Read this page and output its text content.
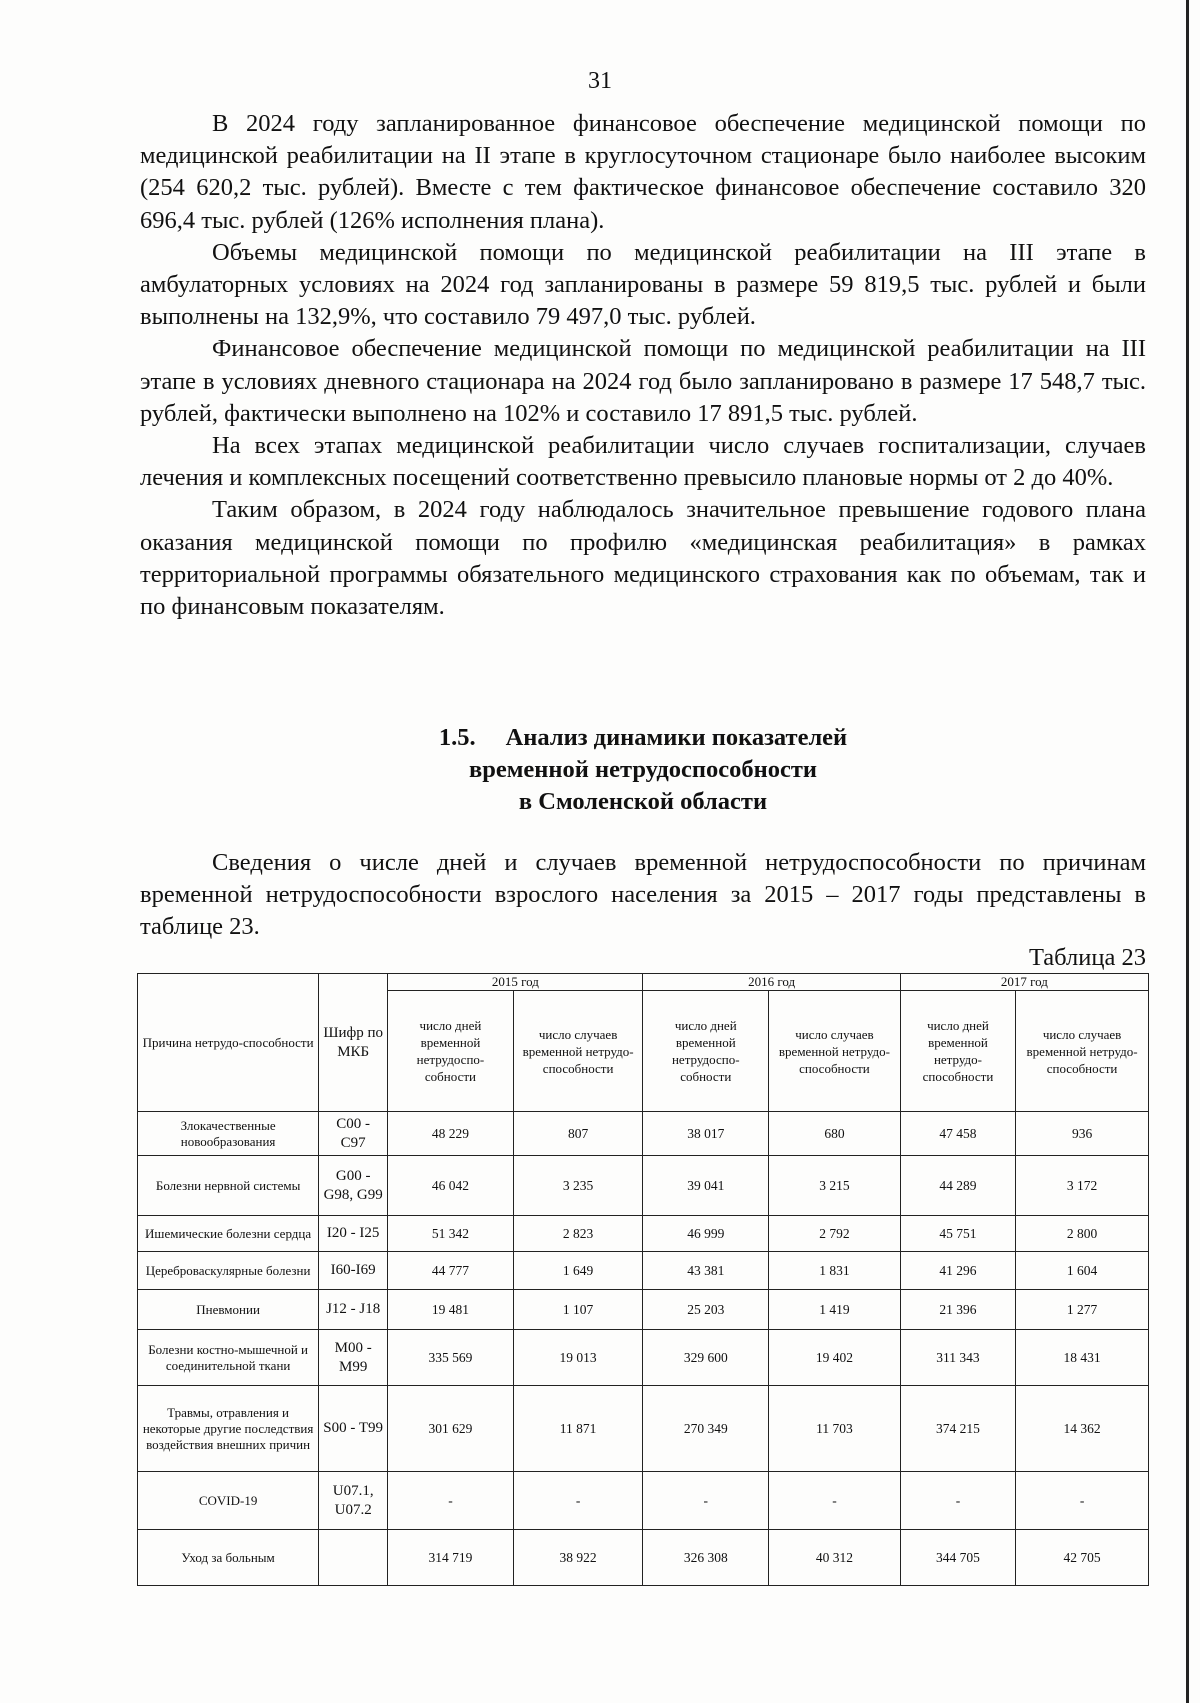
31

В 2024 году запланированное финансовое обеспечение медицинской помощи по медицинской реабилитации на II этапе в круглосуточном стационаре было наиболее высоким (254 620,2 тыс. рублей). Вместе с тем фактическое финансовое обеспечение составило 320 696,4 тыс. рублей (126% исполнения плана).

Объемы медицинской помощи по медицинской реабилитации на III этапе в амбулаторных условиях на 2024 год запланированы в размере 59 819,5 тыс. рублей и были выполнены на 132,9%, что составило 79 497,0 тыс. рублей.

Финансовое обеспечение медицинской помощи по медицинской реабилитации на III этапе в условиях дневного стационара на 2024 год было запланировано в размере 17 548,7 тыс. рублей, фактически выполнено на 102% и составило 17 891,5 тыс. рублей.

На всех этапах медицинской реабилитации число случаев госпитализации, случаев лечения и комплексных посещений соответственно превысило плановые нормы от 2 до 40%.

Таким образом, в 2024 году наблюдалось значительное превышение годового плана оказания медицинской помощи по профилю «медицинская реабилитация» в рамках территориальной программы обязательного медицинского страхования как по объемам, так и по финансовым показателям.

1.5. Анализ динамики показателей
временной нетрудоспособности
в Смоленской области

Сведения о числе дней и случаев временной нетрудоспособности по причинам временной нетрудоспособности взрослого населения за 2015 – 2017 годы представлены в таблице 23.

Таблица 23
Причина нетрудо-способности	Шифр по МКБ	2015 год		2016 год		2017 год	
		число дней временной нетрудоспо-собности	число случаев временной нетрудо-способности	число дней временной нетрудоспо-собности	число случаев временной нетрудо-способности	число дней временной нетрудо-способности	число случаев временной нетрудо-способности
Злокачественные новообразования	С00 - С97	48 229	807	38 017	680	47 458	936
Болезни нервной системы	G00 - G98, G99	46 042	3 235	39 041	3 215	44 289	3 172
Ишемические болезни сердца	I20 - I25	51 342	2 823	46 999	2 792	45 751	2 800
Цереброваскулярные болезни	I60-I69	44 777	1 649	43 381	1 831	41 296	1 604
Пневмонии	J12 - J18	19 481	1 107	25 203	1 419	21 396	1 277
Болезни костно-мышечной и соединительной ткани	M00 - M99	335 569	19 013	329 600	19 402	311 343	18 431
Травмы, отравления и некоторые другие последствия воздействия внешних причин	S00 - T99	301 629	11 871	270 349	11 703	374 215	14 362
COVID-19	U07.1, U07.2	-	-	-	-	-	-
Уход за больным		314 719	38 922	326 308	40 312	344 705	42 705
